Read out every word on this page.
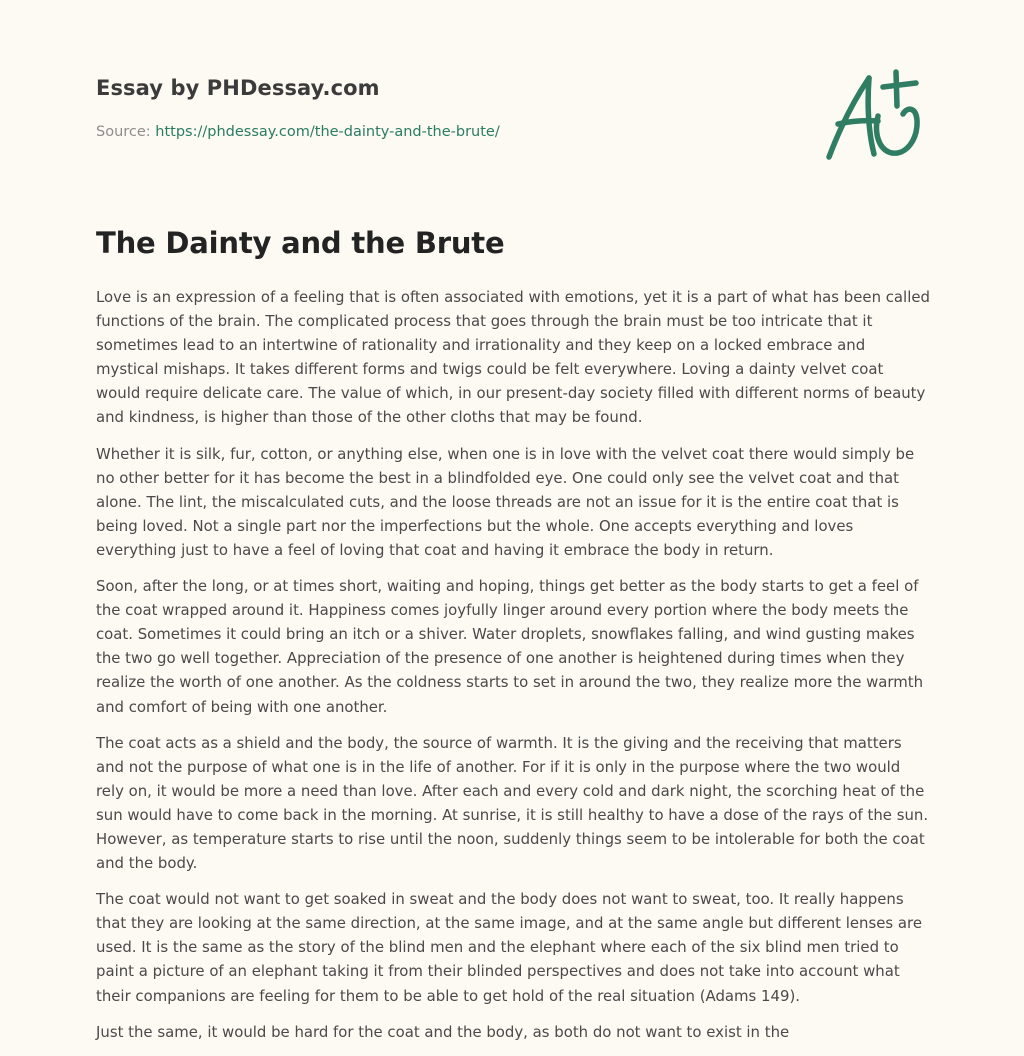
Essay by PHDessay.com
Source: https://phdessay.com/the-dainty-and-the-brute/
The Dainty and the Brute

Love is an expression of a feeling that is often associated with emotions, yet it is a part of what has been called functions of the brain. The complicated process that goes through the brain must be too intricate that it sometimes lead to an intertwine of rationality and irrationality and they keep on a locked embrace and mystical mishaps. It takes different forms and twigs could be felt everywhere. Loving a dainty velvet coat would require delicate care. The value of which, in our present-day society filled with different norms of beauty and kindness, is higher than those of the other cloths that may be found.

Whether it is silk, fur, cotton, or anything else, when one is in love with the velvet coat there would simply be no other better for it has become the best in a blindfolded eye. One could only see the velvet coat and that alone. The lint, the miscalculated cuts, and the loose threads are not an issue for it is the entire coat that is being loved. Not a single part nor the imperfections but the whole. One accepts everything and loves everything just to have a feel of loving that coat and having it embrace the body in return.

Soon, after the long, or at times short, waiting and hoping, things get better as the body starts to get a feel of the coat wrapped around it. Happiness comes joyfully linger around every portion where the body meets the coat. Sometimes it could bring an itch or a shiver. Water droplets, snowflakes falling, and wind gusting makes the two go well together. Appreciation of the presence of one another is heightened during times when they realize the worth of one another. As the coldness starts to set in around the two, they realize more the warmth and comfort of being with one another.

The coat acts as a shield and the body, the source of warmth. It is the giving and the receiving that matters and not the purpose of what one is in the life of another. For if it is only in the purpose where the two would rely on, it would be more a need than love. After each and every cold and dark night, the scorching heat of the sun would have to come back in the morning. At sunrise, it is still healthy to have a dose of the rays of the sun. However, as temperature starts to rise until the noon, suddenly things seem to be intolerable for both the coat and the body.

The coat would not want to get soaked in sweat and the body does not want to sweat, too. It really happens that they are looking at the same direction, at the same image, and at the same angle but different lenses are used. It is the same as the story of the blind men and the elephant where each of the six blind men tried to paint a picture of an elephant taking it from their blinded perspectives and does not take into account what their companions are feeling for them to be able to get hold of the real situation (Adams 149).

Just the same, it would be hard for the coat and the body, as both do not want to exist in the
